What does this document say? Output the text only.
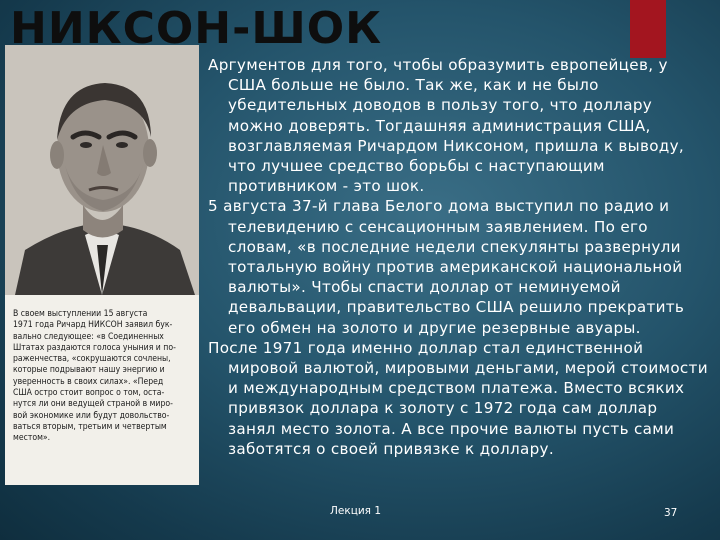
В своем выступлении 15 августа
1971 года Ричард НИКСОН заявил бук-
вально следующее: «в Соединенных
Штатах раздаются голоса уныния и по-
раженчества, «сокрушаются сочлены,
которые подрывают нашу энергию и
уверенность в своих силах». «Перед
США остро стоит вопрос о том, оста-
нутся ли они ведущей страной в миро-
вой экономике или будут довольство-
ваться вторым, третьим и четвертым
местом».

НИКСОН-ШОК

Аргументов для того, чтобы образумить европейцев, у США больше не было. Так же, как и не было убедительных доводов в пользу того, что доллару можно доверять. Тогдашняя администрация США, возглавляемая Ричардом Никсоном, пришла к выводу, что лучшее средство борьбы с наступающим противником - это шок.

5 августа 37-й глава Белого дома выступил по радио и телевидению с сенсационным заявлением. По его словам, «в последние недели спекулянты развернули тотальную войну против американской национальной валюты». Чтобы спасти доллар от неминуемой девальвации, правительство США решило прекратить его обмен на золото и другие резервные авуары.

После 1971 года именно доллар стал единственной мировой валютой, мировыми деньгами, мерой стоимости и международным средством платежа. Вместо всяких привязок доллара к золоту с 1972 года сам доллар занял место золота. А все прочие валюты пусть сами заботятся о своей привязке к доллару.

Лекция 1	37
